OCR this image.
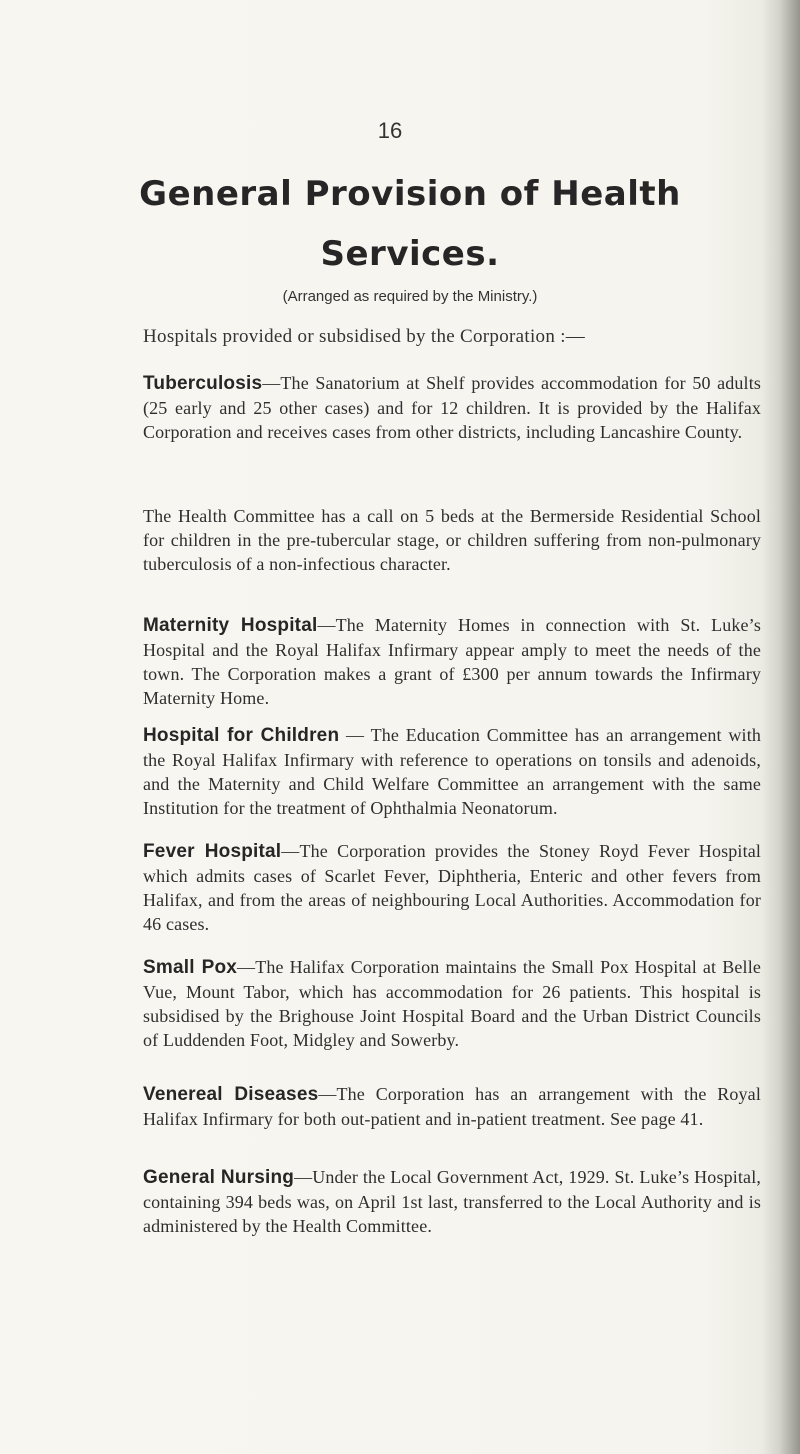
16
General Provision of Health Services.
(Arranged as required by the Ministry.)
Hospitals provided or subsidised by the Corporation :—
Tuberculosis—The Sanatorium at Shelf provides accommodation for 50 adults (25 early and 25 other cases) and for 12 children. It is provided by the Halifax Corporation and receives cases from other districts, including Lancashire County.
The Health Committee has a call on 5 beds at the Bermerside Residential School for children in the pre-tubercular stage, or children suffering from non-pulmonary tuberculosis of a non-infectious character.
Maternity Hospital—The Maternity Homes in connection with St. Luke’s Hospital and the Royal Halifax Infirmary appear amply to meet the needs of the town. The Corporation makes a grant of £300 per annum towards the Infirmary Maternity Home.
Hospital for Children — The Education Committee has an arrangement with the Royal Halifax Infirmary with reference to operations on tonsils and adenoids, and the Maternity and Child Welfare Committee an arrangement with the same Institution for the treatment of Ophthalmia Neonatorum.
Fever Hospital—The Corporation provides the Stoney Royd Fever Hospital which admits cases of Scarlet Fever, Diphtheria, Enteric and other fevers from Halifax, and from the areas of neighbouring Local Authorities. Accommodation for 46 cases.
Small Pox—The Halifax Corporation maintains the Small Pox Hospital at Belle Vue, Mount Tabor, which has accommodation for 26 patients. This hospital is subsidised by the Brighouse Joint Hospital Board and the Urban District Councils of Luddenden Foot, Midgley and Sowerby.
Venereal Diseases—The Corporation has an arrangement with the Royal Halifax Infirmary for both out-patient and in-patient treatment. See page 41.
General Nursing—Under the Local Government Act, 1929. St. Luke’s Hospital, containing 394 beds was, on April 1st last, transferred to the Local Authority and is administered by the Health Committee.
